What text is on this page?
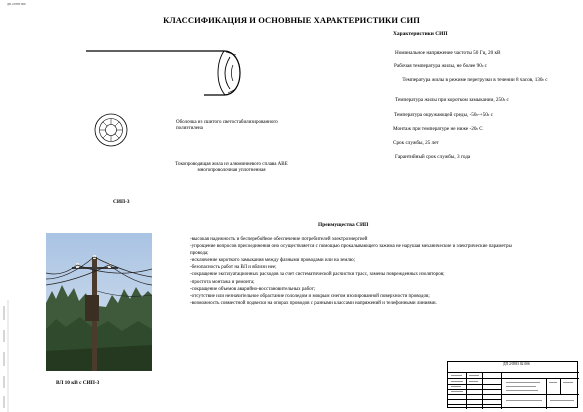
ДП 2/0583 006
КЛАССИФИКАЦИЯ И ОСНОВНЫЕ ХАРАКТЕРИСТИКИ СИП
Характеристики СИП
Номинальное напряжение частоты 50 Гц, 20 кВ
Рабочая температура жилы, не более $90^0$ с
Температура жилы в режиме перегрузки в течении 8 часов, $130^0$ с
Температура жилы при коротком замыкании, $250^0$ с
Температура окружающей среды, $-50^0-+50^0$ с
Монтаж при температуре не ниже $-20^0$ С
Срок службы, 25 лет
Гарантийный срок службы, 3 года
Оболочка из сшитого светостабилизированного полиэтилена
Токопроводящая жила из алюминиевого сплава АВЕ многопроволочная уплотненная
СИП-3
Преимущества СИП
-высокая надежность и бесперебойное обеспечение потребителей электроэнергией
-упрощение вопросов присоединения оно осуществляется с помощью прокалывающего зажима не нарушая механические и электрические параметры провода;
-исключение короткого замыкания между фазными проводами или на землю;
-безопасность работ на ВЛ и вблизи нее;
-сокращение эксплуатационных расходов за счет систематической расчистки трасс, замены поврежденных изоляторов;
-простота монтажа и ремонта;
-сокращение объемов аварийно-восстановительных работ;
-отсутствие или незначительное обрастание гололедом и мокрым снегом изолированной поверхности проводов;
-возможность совместной подвески на опорах проводов с разными классами напряжений и телефонными линиями.
ВЛ 10 кВ с СИП-3
ДП 2/0583 02 006
